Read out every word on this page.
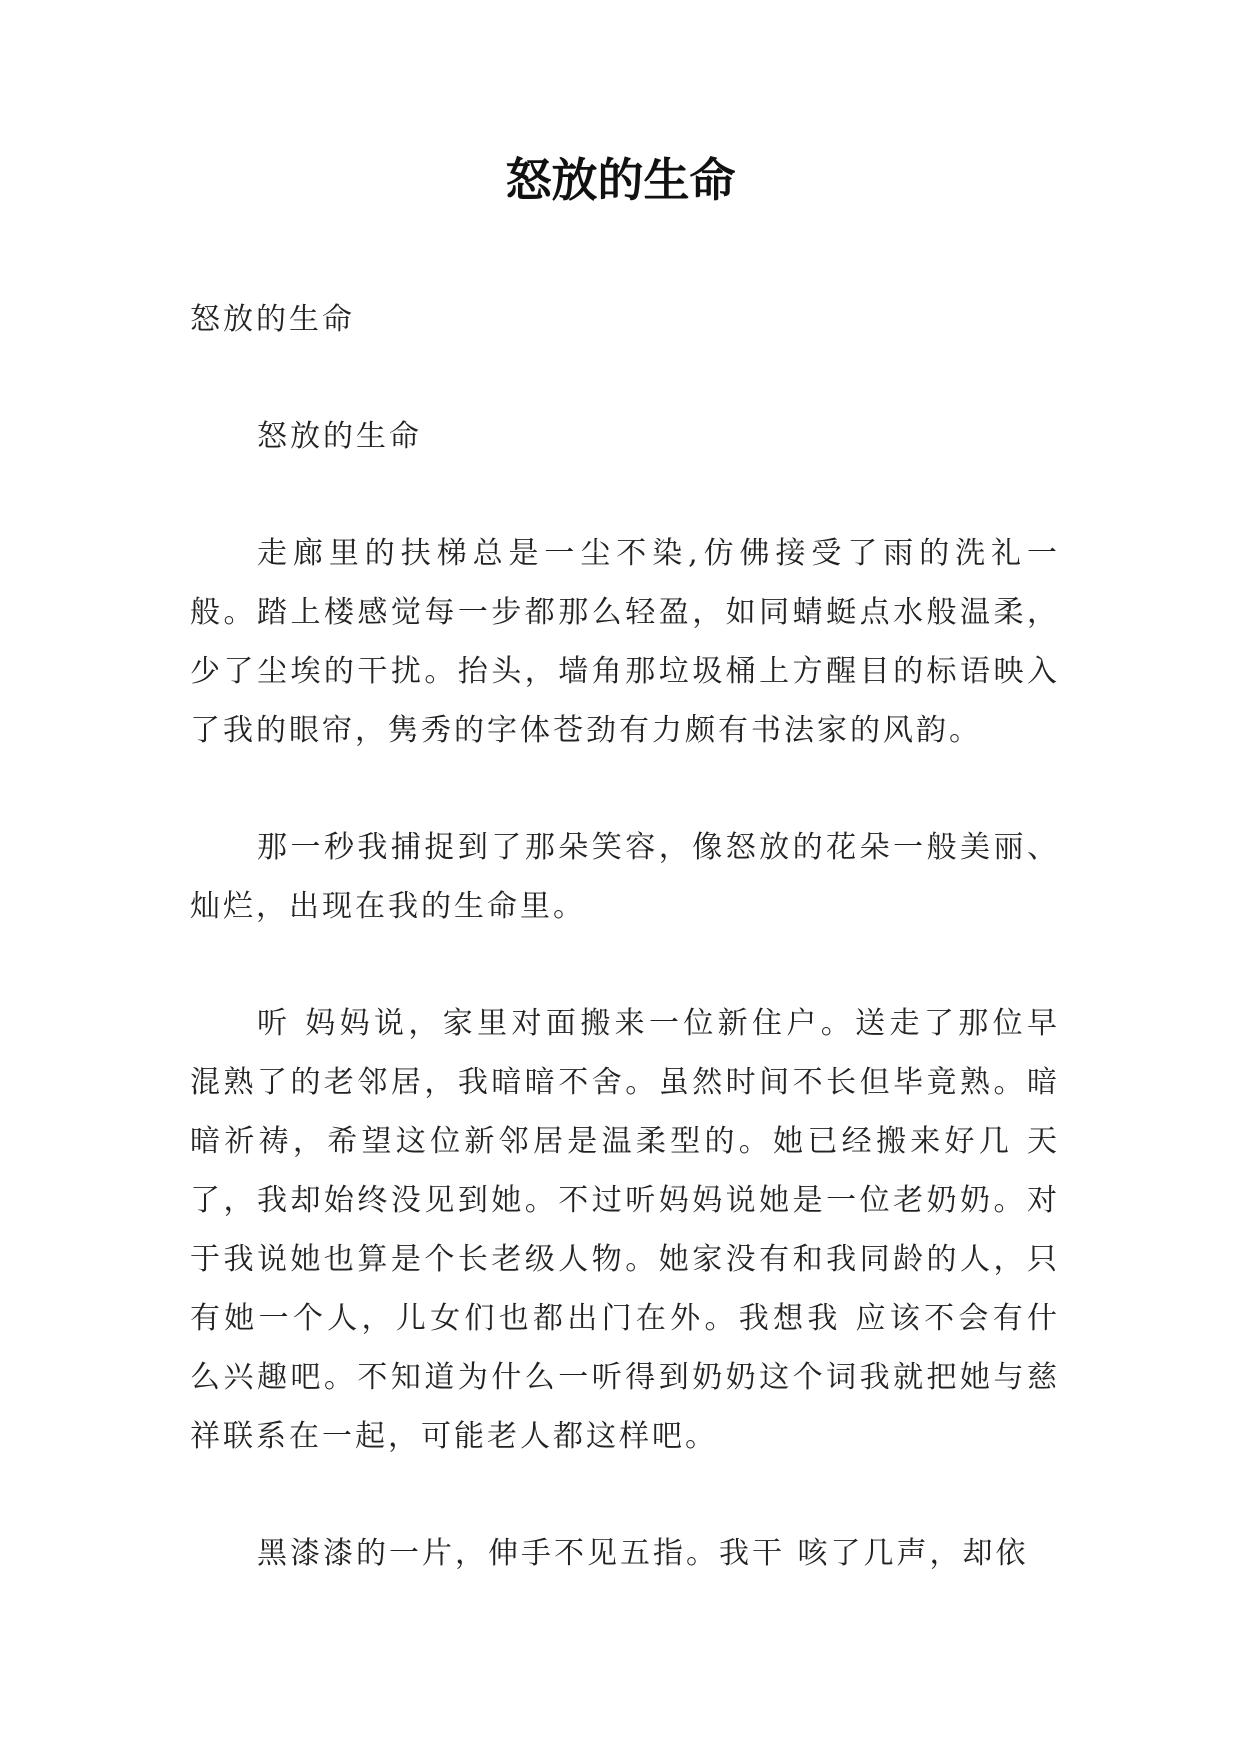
怒放的生命

怒放的生命

怒放的生命

走廊里的扶梯总是一尘不染,仿佛接受了雨的洗礼一般。踏上楼感觉每一步都那么轻盈，如同蜻蜓点水般温柔，少了尘埃的干扰。抬头，墙角那垃圾桶上方醒目的标语映入了我的眼帘，隽秀的字体苍劲有力颇有书法家的风韵。

那一秒我捕捉到了那朵笑容，像怒放的花朵一般美丽、灿烂，出现在我的生命里。

听 妈妈说，家里对面搬来一位新住户。送走了那位早混熟了的老邻居，我暗暗不舍。虽然时间不长但毕竟熟。暗暗祈祷，希望这位新邻居是温柔型的。她已经搬来好几 天了，我却始终没见到她。不过听妈妈说她是一位老奶奶。对于我说她也算是个长老级人物。她家没有和我同龄的人，只有她一个人，儿女们也都出门在外。我想我 应该不会有什么兴趣吧。不知道为什么一听得到奶奶这个词我就把她与慈祥联系在一起，可能老人都这样吧。

黑漆漆的一片，伸手不见五指。我干 咳了几声，却依
